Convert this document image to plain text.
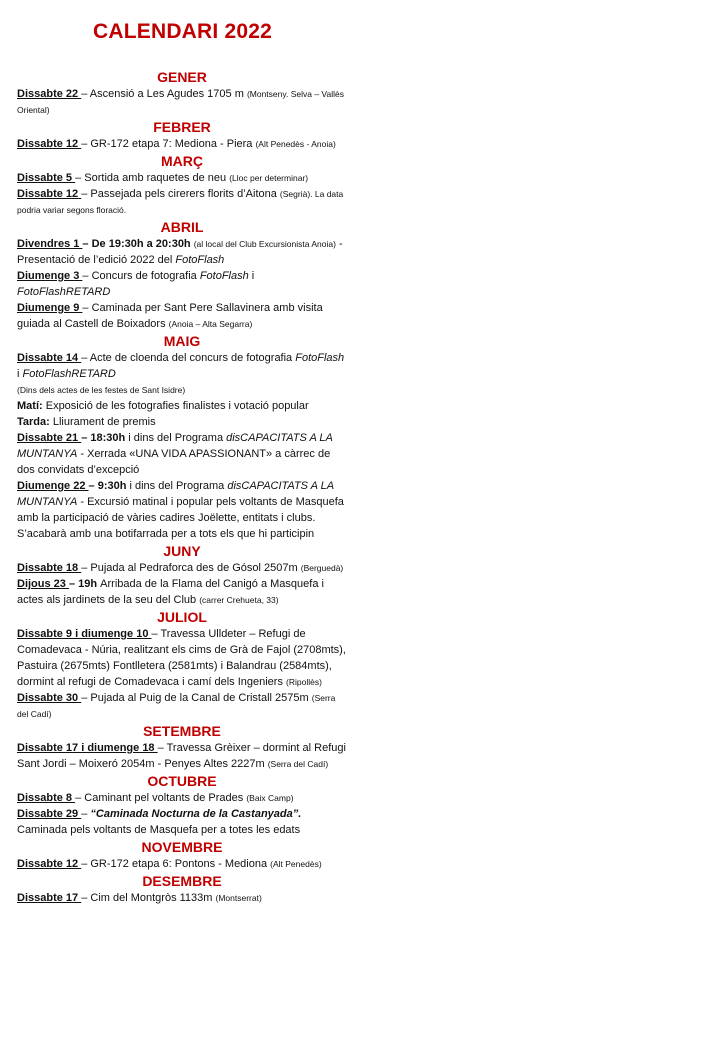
CALENDARI 2022
GENER
Dissabte 22 – Ascensió a Les Agudes 1705 m (Montseny. Selva – Vallès Oriental)
FEBRER
Dissabte 12 – GR-172 etapa 7: Mediona - Piera (Alt Penedès - Anoia)
MARÇ
Dissabte 5 – Sortida amb raquetes de neu (Lloc per determinar)
Dissabte 12 – Passejada pels cirerers florits d’Aitona (Segrià). La data podria variar segons floració.
ABRIL
Divendres 1 – De 19:30h a 20:30h (al local del Club Excursionista Anoia) - Presentació de l’edició 2022 del FotoFlash
Diumenge 3 – Concurs de fotografia FotoFlash i FotoFlashRETARD
Diumenge 9 – Caminada per Sant Pere Sallavinera amb visita guiada al Castell de Boixadors (Anoia – Alta Segarra)
MAIG
Dissabte 14 – Acte de cloenda del concurs de fotografia FotoFlash i FotoFlashRETARD
(Dins dels actes de les festes de Sant Isidre)
Matí: Exposició de les fotografies finalistes i votació popular
Tarda: Lliurament de premis
Dissabte 21 – 18:30h i dins del Programa disCAPACITATS A LA MUNTANYA - Xerrada «UNA VIDA APASSIONANT» a càrrec de dos convidats d’excepció
Diumenge 22 – 9:30h i dins del Programa disCAPACITATS A LA MUNTANYA - Excursió matinal i popular pels voltants de Masquefa amb la participació de vàries cadires Joëlette, entitats i clubs. S’acabarà amb una botifarrada per a tots els que hi participin
JUNY
Dissabte 18 – Pujada al Pedraforca des de Gósol 2507m (Berguedà)
Dijous 23 – 19h Arribada de la Flama del Canigó a Masquefa i actes als jardinets de la seu del Club (carrer Crehueta, 33)
JULIOL
Dissabte 9 i diumenge 10 – Travessa Ulldeter – Refugi de Comadevaca - Núria, realitzant els cims de Grà de Fajol (2708mts), Pastuira (2675mts) Fontlletera (2581mts) i Balandrau (2584mts), dormint al refugi de Comadevaca i camí dels Ingeniers (Ripollès)
Dissabte 30 – Pujada al Puig de la Canal de Cristall 2575m (Serra del Cadí)
SETEMBRE
Dissabte 17 i diumenge 18 – Travessa Grèixer – dormint al Refugi Sant Jordi – Moixeró 2054m - Penyes Altes 2227m (Serra del Cadí)
OCTUBRE
Dissabte 8 – Caminant pel voltants de Prades (Baix Camp)
Dissabte 29 – “Caminada Nocturna de la Castanyada”. Caminada pels voltants de Masquefa per a totes les edats
NOVEMBRE
Dissabte 12 – GR-172 etapa 6: Pontons - Mediona (Alt Penedès)
DESEMBRE
Dissabte 17 – Cim del Montgròs 1133m (Montserrat)
